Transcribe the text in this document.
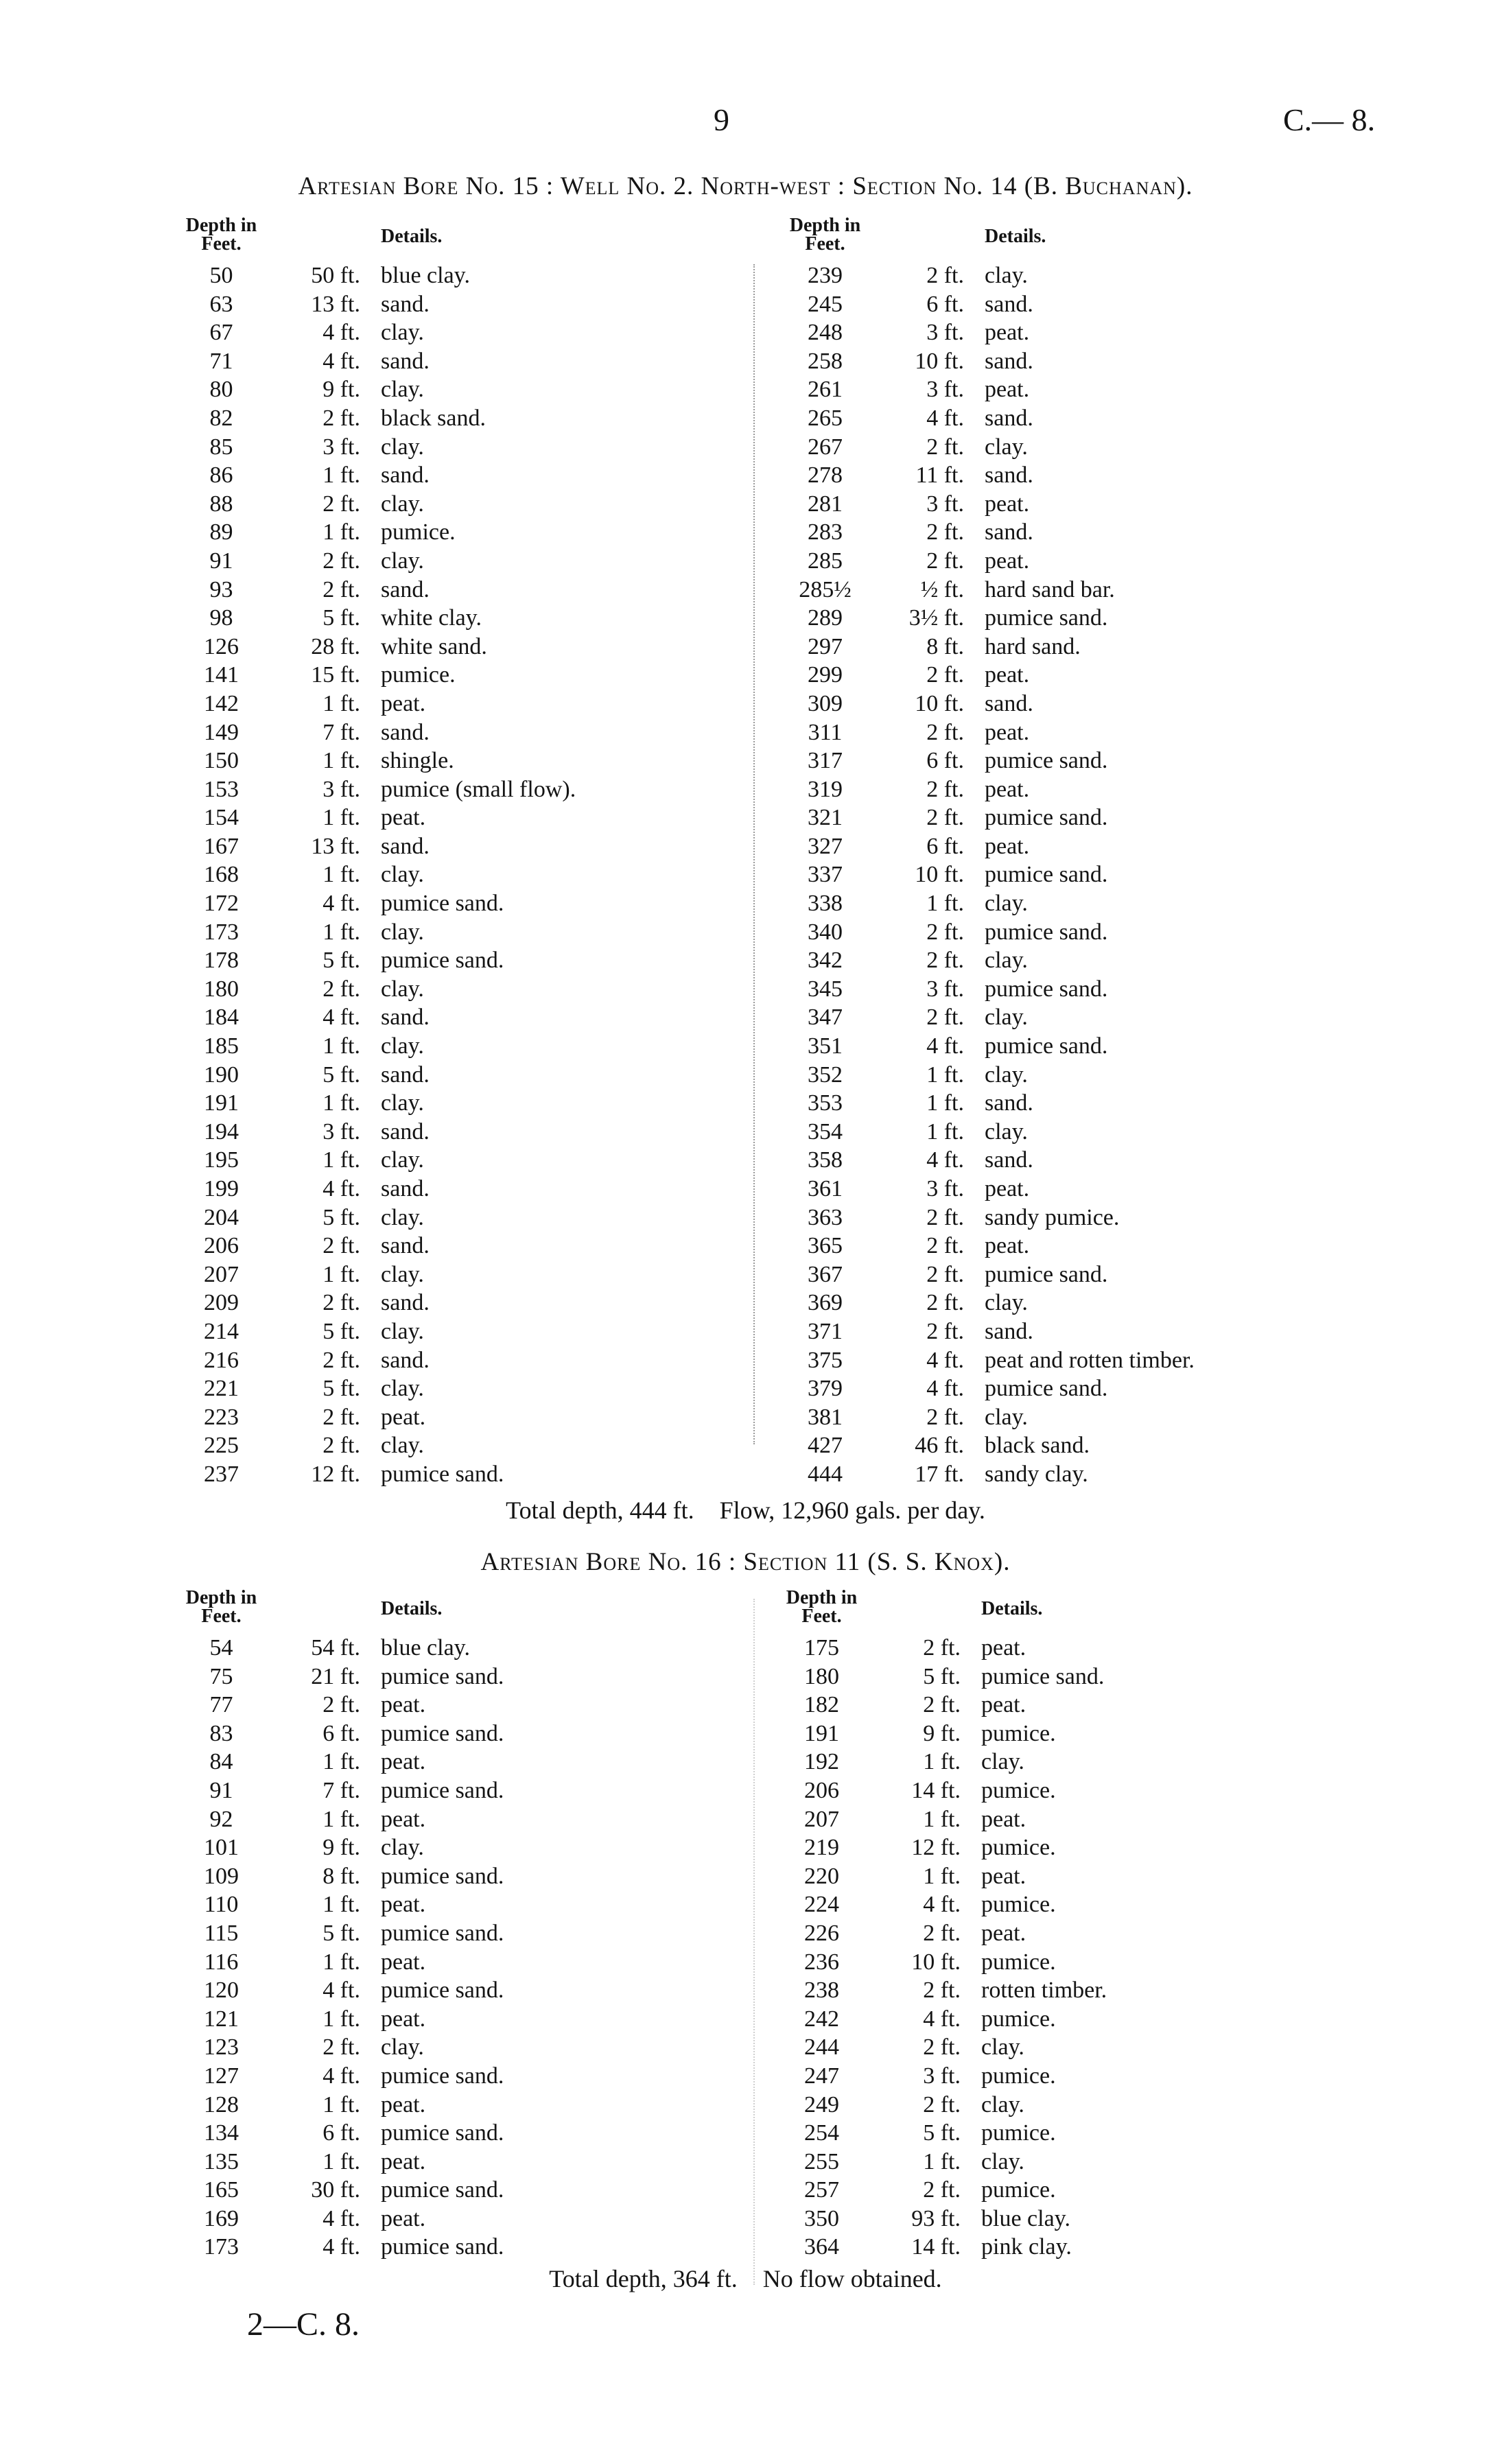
9	C.— 8.
Artesian Bore No. 15 : Well No. 2. North-west : Section No. 14 (B. Buchanan).
Depth in Feet.	Details.
50	50 ft. blue clay.
63	13 ft. sand.
67	4 ft. clay.
71	4 ft. sand.
80	9 ft. clay.
82	2 ft. black sand.
85	3 ft. clay.
86	1 ft. sand.
88	2 ft. clay.
89	1 ft. pumice.
91	2 ft. clay.
93	2 ft. sand.
98	5 ft. white clay.
126	28 ft. white sand.
141	15 ft. pumice.
142	1 ft. peat.
149	7 ft. sand.
150	1 ft. shingle.
153	3 ft. pumice (small flow).
154	1 ft. peat.
167	13 ft. sand.
168	1 ft. clay.
172	4 ft. pumice sand.
173	1 ft. clay.
178	5 ft. pumice sand.
180	2 ft. clay.
184	4 ft. sand.
185	1 ft. clay.
190	5 ft. sand.
191	1 ft. clay.
194	3 ft. sand.
195	1 ft. clay.
199	4 ft. sand.
204	5 ft. clay.
206	2 ft. sand.
207	1 ft. clay.
209	2 ft. sand.
214	5 ft. clay.
216	2 ft. sand.
221	5 ft. clay.
223	2 ft. peat.
225	2 ft. clay.
237	12 ft. pumice sand.
Depth in Feet.	Details.
239	2 ft. clay.
245	6 ft. sand.
248	3 ft. peat.
258	10 ft. sand.
261	3 ft. peat.
265	4 ft. sand.
267	2 ft. clay.
278	11 ft. sand.
281	3 ft. peat.
283	2 ft. sand.
285	2 ft. peat.
285½	½ ft. hard sand bar.
289	3½ ft. pumice sand.
297	8 ft. hard sand.
299	2 ft. peat.
309	10 ft. sand.
311	2 ft. peat.
317	6 ft. pumice sand.
319	2 ft. peat.
321	2 ft. pumice sand.
327	6 ft. peat.
337	10 ft. pumice sand.
338	1 ft. clay.
340	2 ft. pumice sand.
342	2 ft. clay.
345	3 ft. pumice sand.
347	2 ft. clay.
351	4 ft. pumice sand.
352	1 ft. clay.
353	1 ft. sand.
354	1 ft. clay.
358	4 ft. sand.
361	3 ft. peat.
363	2 ft. sandy pumice.
365	2 ft. peat.
367	2 ft. pumice sand.
369	2 ft. clay.
371	2 ft. sand.
375	4 ft. peat and rotten timber.
379	4 ft. pumice sand.
381	2 ft. clay.
427	46 ft. black sand.
444	17 ft. sandy clay.
Total depth, 444 ft. Flow, 12,960 gals. per day.
Artesian Bore No. 16 : Section 11 (S. S. Knox).
Depth in Feet.	Details.
54	54 ft. blue clay.
75	21 ft. pumice sand.
77	2 ft. peat.
83	6 ft. pumice sand.
84	1 ft. peat.
91	7 ft. pumice sand.
92	1 ft. peat.
101	9 ft. clay.
109	8 ft. pumice sand.
110	1 ft. peat.
115	5 ft. pumice sand.
116	1 ft. peat.
120	4 ft. pumice sand.
121	1 ft. peat.
123	2 ft. clay.
127	4 ft. pumice sand.
128	1 ft. peat.
134	6 ft. pumice sand.
135	1 ft. peat.
165	30 ft. pumice sand.
169	4 ft. peat.
173	4 ft. pumice sand.
Depth in Feet.	Details.
175	2 ft. peat.
180	5 ft. pumice sand.
182	2 ft. peat.
191	9 ft. pumice.
192	1 ft. clay.
206	14 ft. pumice.
207	1 ft. peat.
219	12 ft. pumice.
220	1 ft. peat.
224	4 ft. pumice.
226	2 ft. peat.
236	10 ft. pumice.
238	2 ft. rotten timber.
242	4 ft. pumice.
244	2 ft. clay.
247	3 ft. pumice.
249	2 ft. clay.
254	5 ft. pumice.
255	1 ft. clay.
257	2 ft. pumice.
350	93 ft. blue clay.
364	14 ft. pink clay.
Total depth, 364 ft. No flow obtained.
2—C. 8.
